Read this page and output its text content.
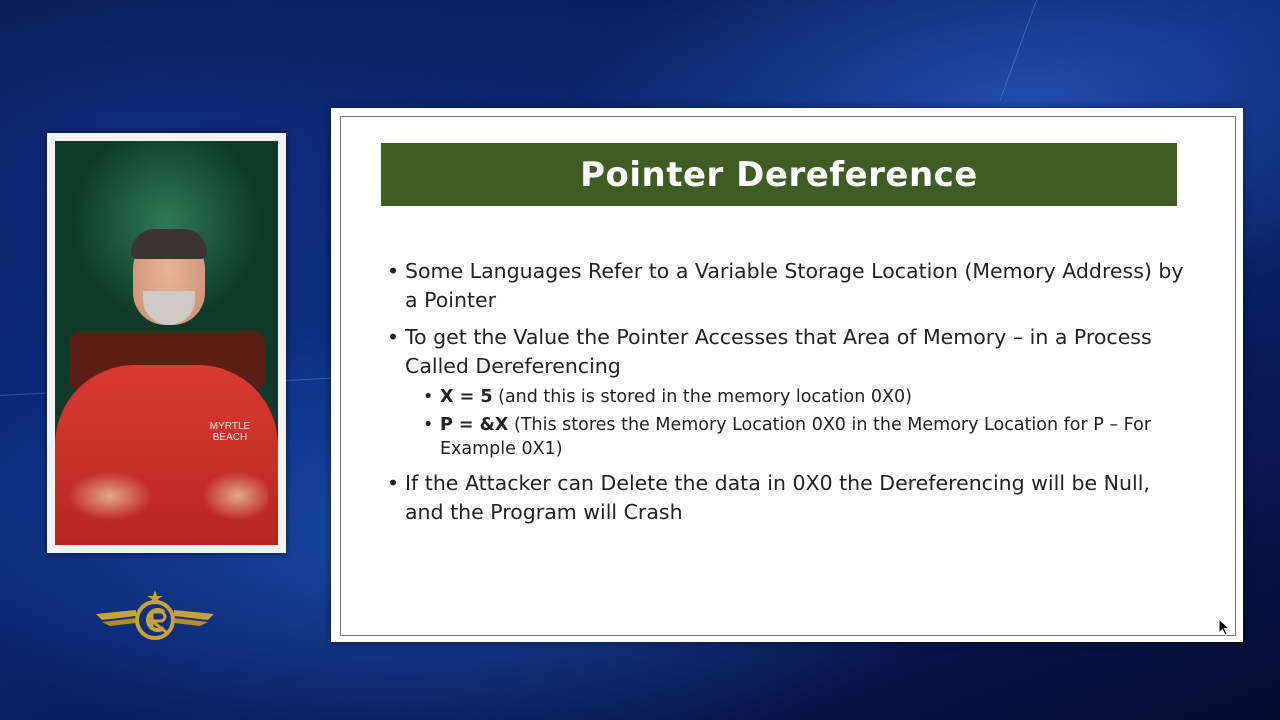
MYRTLE BEACH
Pointer Dereference
• Some Languages Refer to a Variable Storage Location (Memory Address) by a Pointer
• To get the Value the Pointer Accesses that Area of Memory – in a Process Called Dereferencing
• X = 5 (and this is stored in the memory location 0X0)
• P = &X (This stores the Memory Location 0X0 in the Memory Location for P – For Example 0X1)
• If the Attacker can Delete the data in 0X0 the Dereferencing will be Null, and the Program will Crash
